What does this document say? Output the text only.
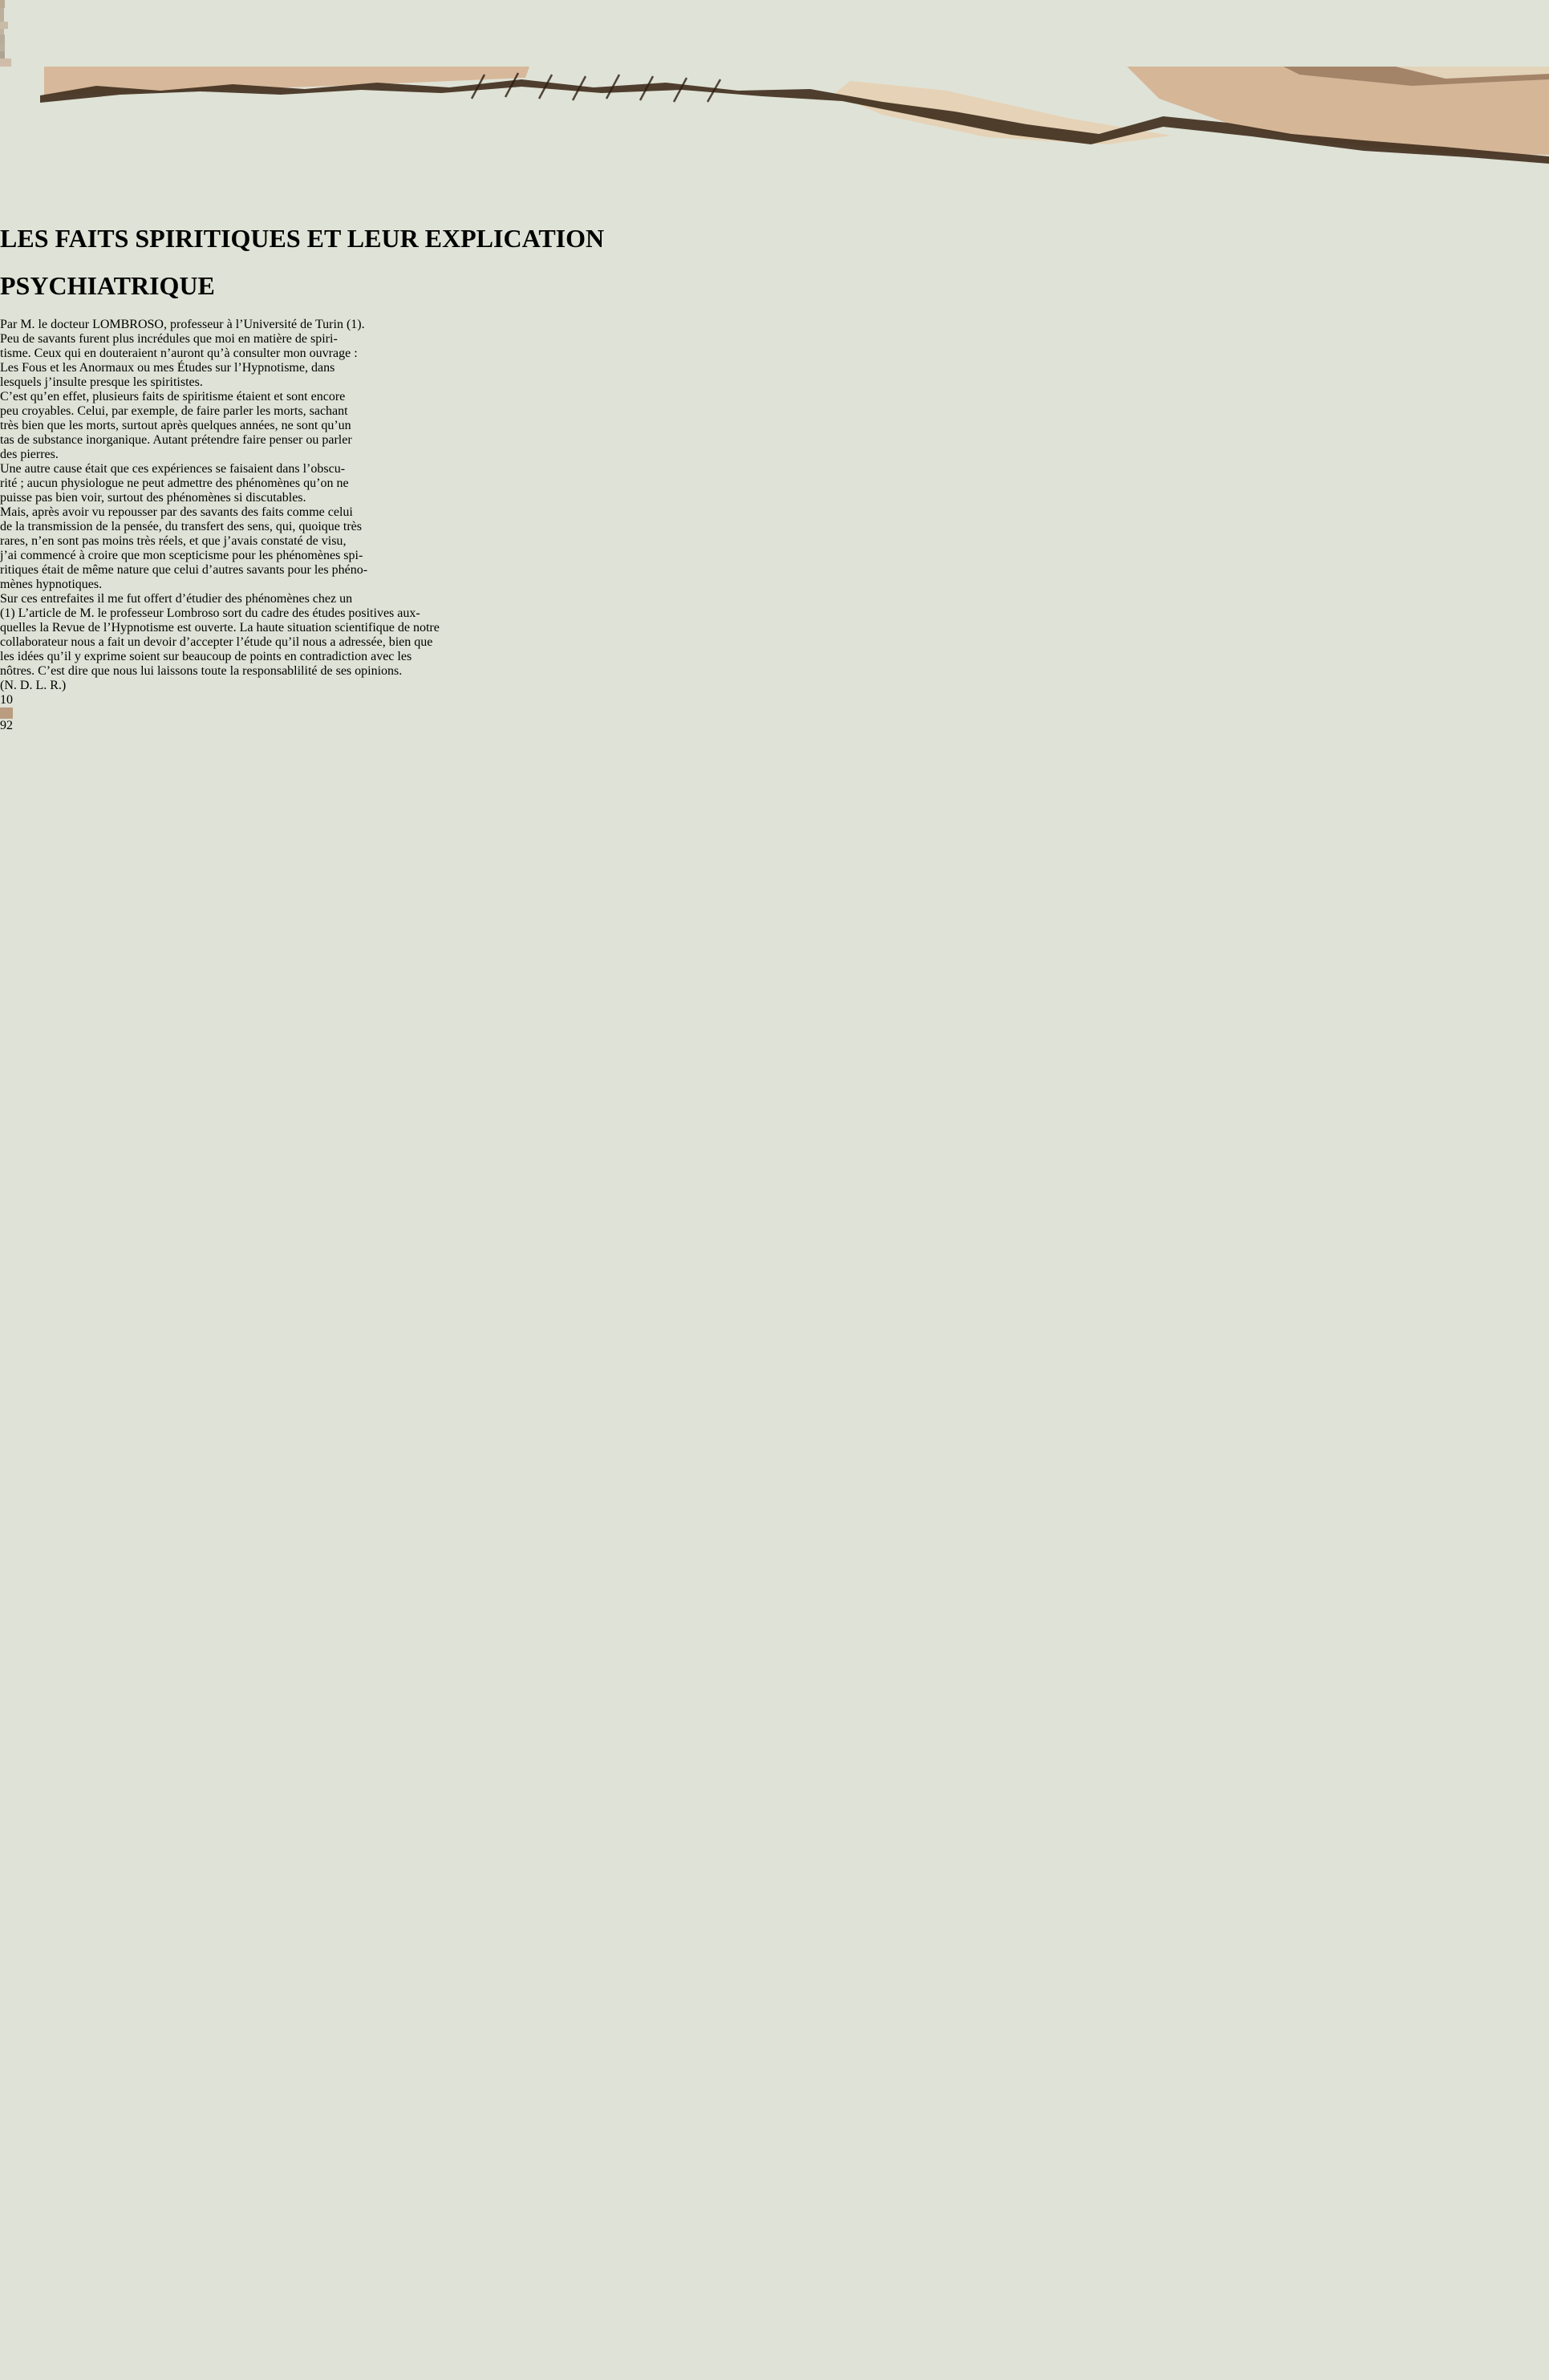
LES FAITS SPIRITIQUES ET LEUR EXPLICATION
PSYCHIATRIQUE
Par M. le docteur LOMBROSO, professeur à l’Université de Turin (1).
Peu de savants furent plus incrédules que moi en matière de spiri-
tisme. Ceux qui en douteraient n’auront qu’à consulter mon ouvrage :
Les Fous et les Anormaux ou mes Études sur l’Hypnotisme, dans
lesquels j’insulte presque les spiritistes.
C’est qu’en effet, plusieurs faits de spiritisme étaient et sont encore
peu croyables. Celui, par exemple, de faire parler les morts, sachant
très bien que les morts, surtout après quelques années, ne sont qu’un
tas de substance inorganique. Autant prétendre faire penser ou parler
des pierres.
Une autre cause était que ces expériences se faisaient dans l’obscu-
rité ; aucun physiologue ne peut admettre des phénomènes qu’on ne
puisse pas bien voir, surtout des phénomènes si discutables.
Mais, après avoir vu repousser par des savants des faits comme celui
de la transmission de la pensée, du transfert des sens, qui, quoique très
rares, n’en sont pas moins très réels, et que j’avais constaté de visu,
j’ai commencé à croire que mon scepticisme pour les phénomènes spi-
ritiques était de même nature que celui d’autres savants pour les phéno-
mènes hypnotiques.
Sur ces entrefaites il me fut offert d’étudier des phénomènes chez un
(1) L’article de M. le professeur Lombroso sort du cadre des études positives aux-
quelles la Revue de l’Hypnotisme est ouverte. La haute situation scientifique de notre
collaborateur nous a fait un devoir d’accepter l’étude qu’il nous a adressée, bien que
les idées qu’il y exprime soient sur beaucoup de points en contradiction avec les
nôtres. C’est dire que nous lui laissons toute la responsablilité de ses opinions.
(N. D. L. R.)
10
92
